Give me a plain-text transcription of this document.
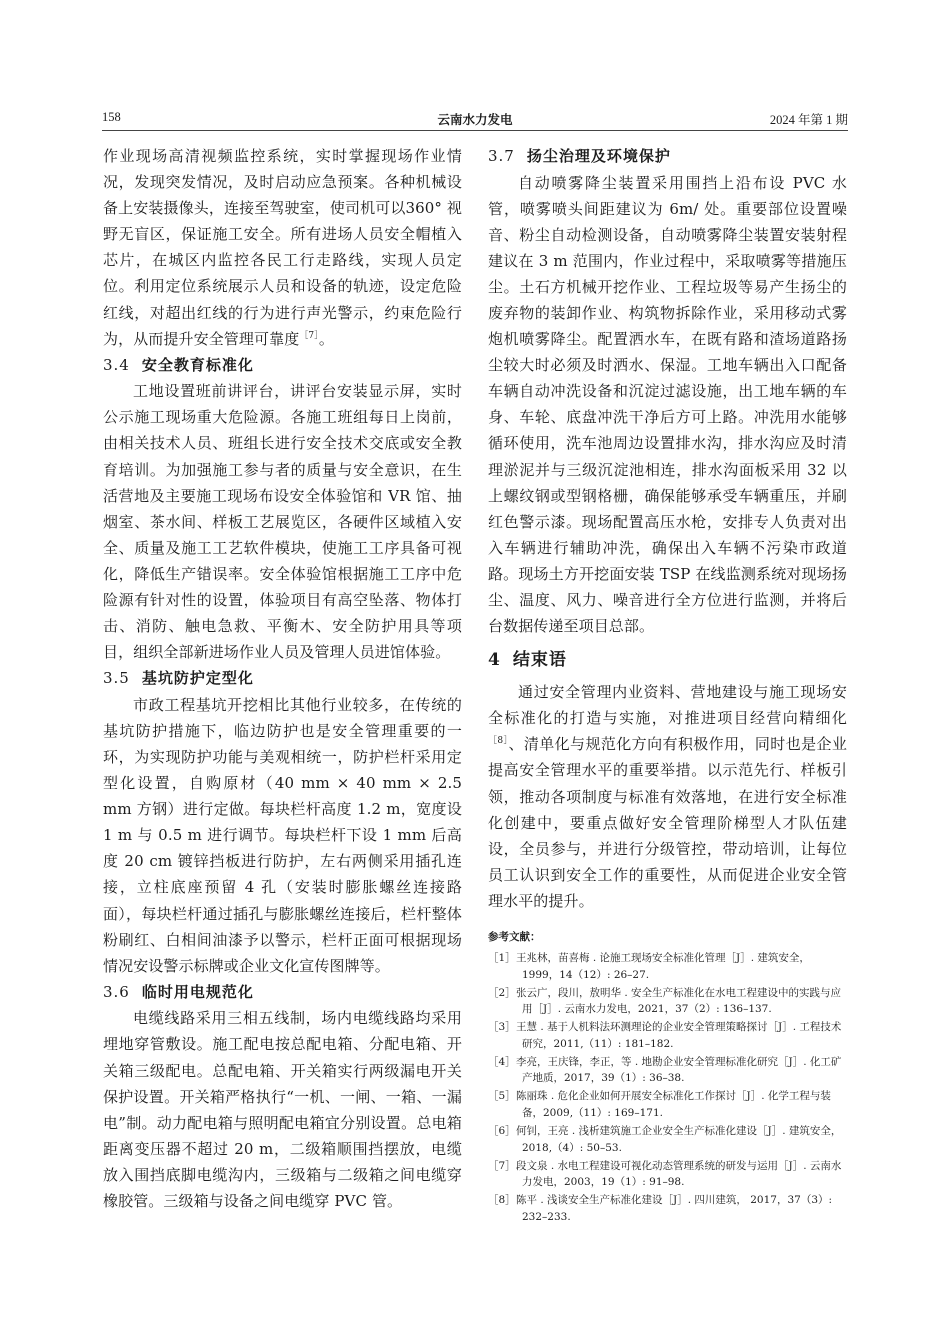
158	云南水力发电	2024 年第 1 期

作业现场高清视频监控系统，实时掌握现场作业情况，发现突发情况，及时启动应急预案。各种机械设备上安装摄像头，连接至驾驶室，使司机可以360° 视野无盲区，保证施工安全。所有进场人员安全帽植入芯片，在城区内监控各民工行走路线，实现人员定位。利用定位系统展示人员和设备的轨迹，设定危险红线，对超出红线的行为进行声光警示，约束危险行为，从而提升安全管理可靠度$^{[7]}$。

3.4 安全教育标准化

工地设置班前讲评台，讲评台安装显示屏，实时公示施工现场重大危险源。各施工班组每日上岗前，由相关技术人员、班组长进行安全技术交底或安全教育培训。为加强施工参与者的质量与安全意识，在生活营地及主要施工现场布设安全体验馆和 VR 馆、抽烟室、茶水间、样板工艺展览区，各硬件区域植入安全、质量及施工工艺软件模块，使施工工序具备可视化，降低生产错误率。安全体验馆根据施工工序中危险源有针对性的设置，体验项目有高空坠落、物体打击、消防、触电急救、平衡木、安全防护用具等项目，组织全部新进场作业人员及管理人员进馆体验。

3.5 基坑防护定型化

市政工程基坑开挖相比其他行业较多，在传统的基坑防护措施下，临边防护也是安全管理重要的一环，为实现防护功能与美观相统一，防护栏杆采用定型化设置，自购原材（40 mm × 40 mm × 2.5 mm 方钢）进行定做。每块栏杆高度 1.2 m，宽度设 1 m 与 0.5 m 进行调节。每块栏杆下设 1 mm 后高度 20 cm 镀锌挡板进行防护，左右两侧采用插孔连接，立柱底座预留 4 孔（安装时膨胀螺丝连接路面），每块栏杆通过插孔与膨胀螺丝连接后，栏杆整体粉刷红、白相间油漆予以警示，栏杆正面可根据现场情况安设警示标牌或企业文化宣传图牌等。

3.6 临时用电规范化

电缆线路采用三相五线制，场内电缆线路均采用埋地穿管敷设。施工配电按总配电箱、分配电箱、开关箱三级配电。总配电箱、开关箱实行两级漏电开关保护设置。开关箱严格执行“一机、一闸、一箱、一漏电”制。动力配电箱与照明配电箱宜分别设置。总电箱距离变压器不超过 20 m，二级箱顺围挡摆放，电缆放入围挡底脚电缆沟内，三级箱与二级箱之间电缆穿橡胶管。三级箱与设备之间电缆穿 PVC 管。

3.7 扬尘治理及环境保护

自动喷雾降尘装置采用围挡上沿布设 PVC 水管，喷雾喷头间距建议为 6m/ 处。重要部位设置噪音、粉尘自动检测设备，自动喷雾降尘装置安装射程建议在 3 m 范围内，作业过程中，采取喷雾等措施压尘。土石方机械开挖作业、工程垃圾等易产生扬尘的废弃物的装卸作业、构筑物拆除作业，采用移动式雾炮机喷雾降尘。配置洒水车，在既有路和渣场道路扬尘较大时必须及时洒水、保湿。工地车辆出入口配备车辆自动冲洗设备和沉淀过滤设施，出工地车辆的车身、车轮、底盘冲洗干净后方可上路。冲洗用水能够循环使用，洗车池周边设置排水沟，排水沟应及时清理淤泥并与三级沉淀池相连，排水沟面板采用 32 以上螺纹钢或型钢格栅，确保能够承受车辆重压，并刷红色警示漆。现场配置高压水枪，安排专人负责对出入车辆进行辅助冲洗，确保出入车辆不污染市政道路。现场土方开挖面安装 TSP 在线监测系统对现场扬尘、温度、风力、噪音进行全方位进行监测，并将后台数据传递至项目总部。

4 结束语

通过安全管理内业资料、营地建设与施工现场安全标准化的打造与实施，对推进项目经营向精细化$^{[8]}$、清单化与规范化方向有积极作用，同时也是企业提高安全管理水平的重要举措。以示范先行、样板引领，推动各项制度与标准有效落地，在进行安全标准化创建中，要重点做好安全管理阶梯型人才队伍建设，全员参与，并进行分级管控，带动培训，让每位员工认识到安全工作的重要性，从而促进企业安全管理水平的提升。

参考文献：

［1］王兆林，苗喜梅 . 论施工现场安全标准化管理［J］. 建筑安全，1999，14（12）: 26–27.

［2］张云广，段川，敖明华 . 安全生产标准化在水电工程建设中的实践与应用［J］. 云南水力发电，2021，37（2）: 136–137.

［3］王慧 . 基于人机料法环测理论的企业安全管理策略探讨［J］. 工程技术研究，2011,（11）: 181–182.

［4］李亮，王庆锋，李正，等 . 地勘企业安全管理标准化研究［J］. 化工矿产地质，2017，39（1）: 36–38.

［5］陈丽珠 . 危化企业如何开展安全标准化工作探讨［J］. 化学工程与装备，2009,（11）: 169–171.

［6］何钊，王亮 . 浅析建筑施工企业安全生产标准化建设［J］. 建筑安全，2018,（4）: 50–53.

［7］段文泉 . 水电工程建设可视化动态管理系统的研发与运用［J］. 云南水力发电，2003，19（1）: 91–98.

［8］陈平 . 浅谈安全生产标准化建设［J］. 四川建筑， 2017，37（3）: 232–233.
